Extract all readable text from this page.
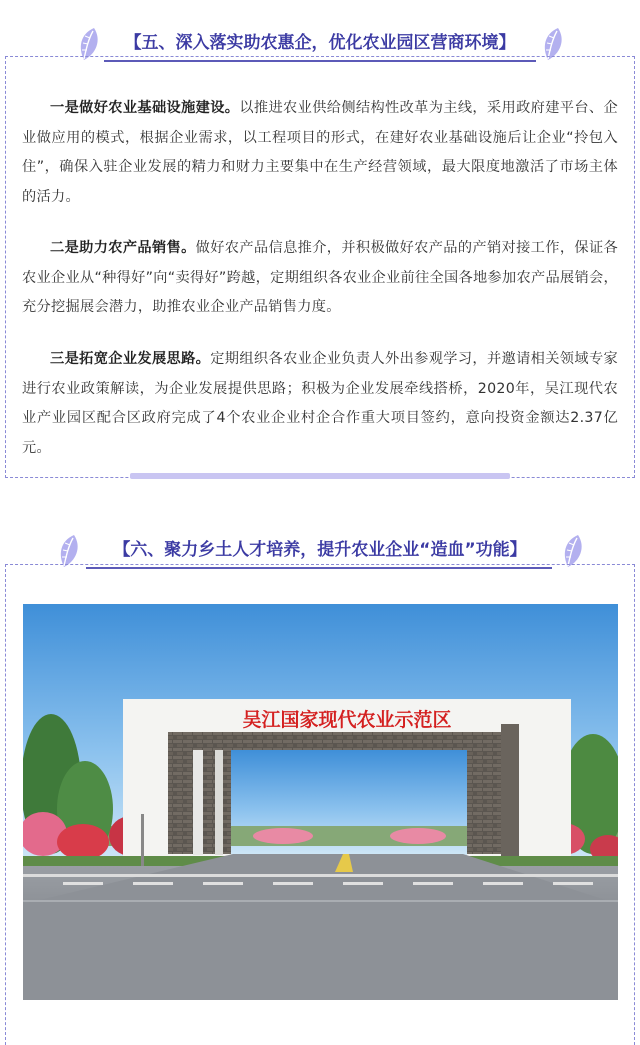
【五、深入落实助农惠企，优化农业园区营商环境】

一是做好农业基础设施建设。以推进农业供给侧结构性改革为主线，采用政府建平台、企业做应用的模式，根据企业需求，以工程项目的形式，在建好农业基础设施后让企业“拎包入住”，确保入驻企业发展的精力和财力主要集中在生产经营领域，最大限度地激活了市场主体的活力。

二是助力农产品销售。做好农产品信息推介，并积极做好农产品的产销对接工作，保证各农业企业从“种得好”向“卖得好”跨越，定期组织各农业企业前往全国各地参加农产品展销会，充分挖掘展会潜力，助推农业企业产品销售力度。

三是拓宽企业发展思路。定期组织各农业企业负责人外出参观学习，并邀请相关领域专家进行农业政策解读，为企业发展提供思路；积极为企业发展牵线搭桥，2020年，吴江现代农业产业园区配合区政府完成了4个农业企业村企合作重大项目签约，意向投资金额达2.37亿元。

【六、聚力乡土人才培养，提升农业企业“造血”功能】
吴江国家现代农业示范区
